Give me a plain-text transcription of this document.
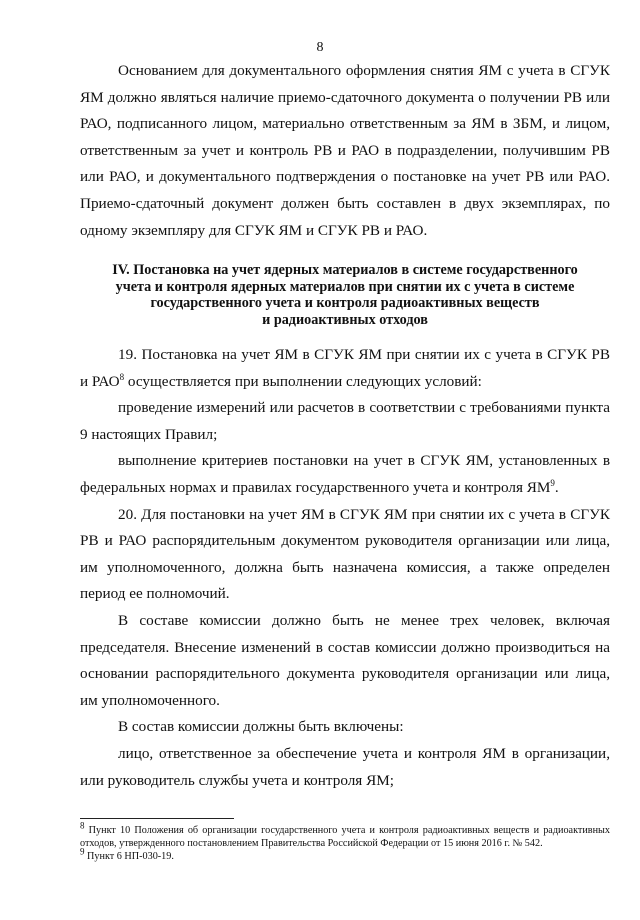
8

Основанием для документального оформления снятия ЯМ с учета в СГУК ЯМ должно являться наличие приемо-сдаточного документа о получении РВ или РАО, подписанного лицом, материально ответственным за ЯМ в ЗБМ, и лицом, ответственным за учет и контроль РВ и РАО в подразделении, получившим РВ или РАО, и документального подтверждения о постановке на учет РВ или РАО. Приемо-сдаточный документ должен быть составлен в двух экземплярах, по одному экземпляру для СГУК ЯМ и СГУК РВ и РАО.

IV. Постановка на учет ядерных материалов в системе государственного
учета и контроля ядерных материалов при снятии их с учета в системе
государственного учета и контроля радиоактивных веществ
и радиоактивных отходов

19. Постановка на учет ЯМ в СГУК ЯМ при снятии их с учета в СГУК РВ и РАО$^8$ осуществляется при выполнении следующих условий:

проведение измерений или расчетов в соответствии с требованиями пункта 9 настоящих Правил;

выполнение критериев постановки на учет в СГУК ЯМ, установленных в федеральных нормах и правилах государственного учета и контроля $ЯМ^9$.

20. Для постановки на учет ЯМ в СГУК ЯМ при снятии их с учета в СГУК РВ и РАО распорядительным документом руководителя организации или лица, им уполномоченного, должна быть назначена комиссия, а также определен период ее полномочий.

В составе комиссии должно быть не менее трех человек, включая председателя. Внесение изменений в состав комиссии должно производиться на основании распорядительного документа руководителя организации или лица, им уполномоченного.

В состав комиссии должны быть включены:

лицо, ответственное за обеспечение учета и контроля ЯМ в организации, или руководитель службы учета и контроля ЯМ;

$^8$ Пункт 10 Положения об организации государственного учета и контроля радиоактивных веществ и радиоактивных отходов, утвержденного постановлением Правительства Российской Федерации от 15 июня 2016 г. № 542.

$^9$ Пункт 6 НП-030-19.
